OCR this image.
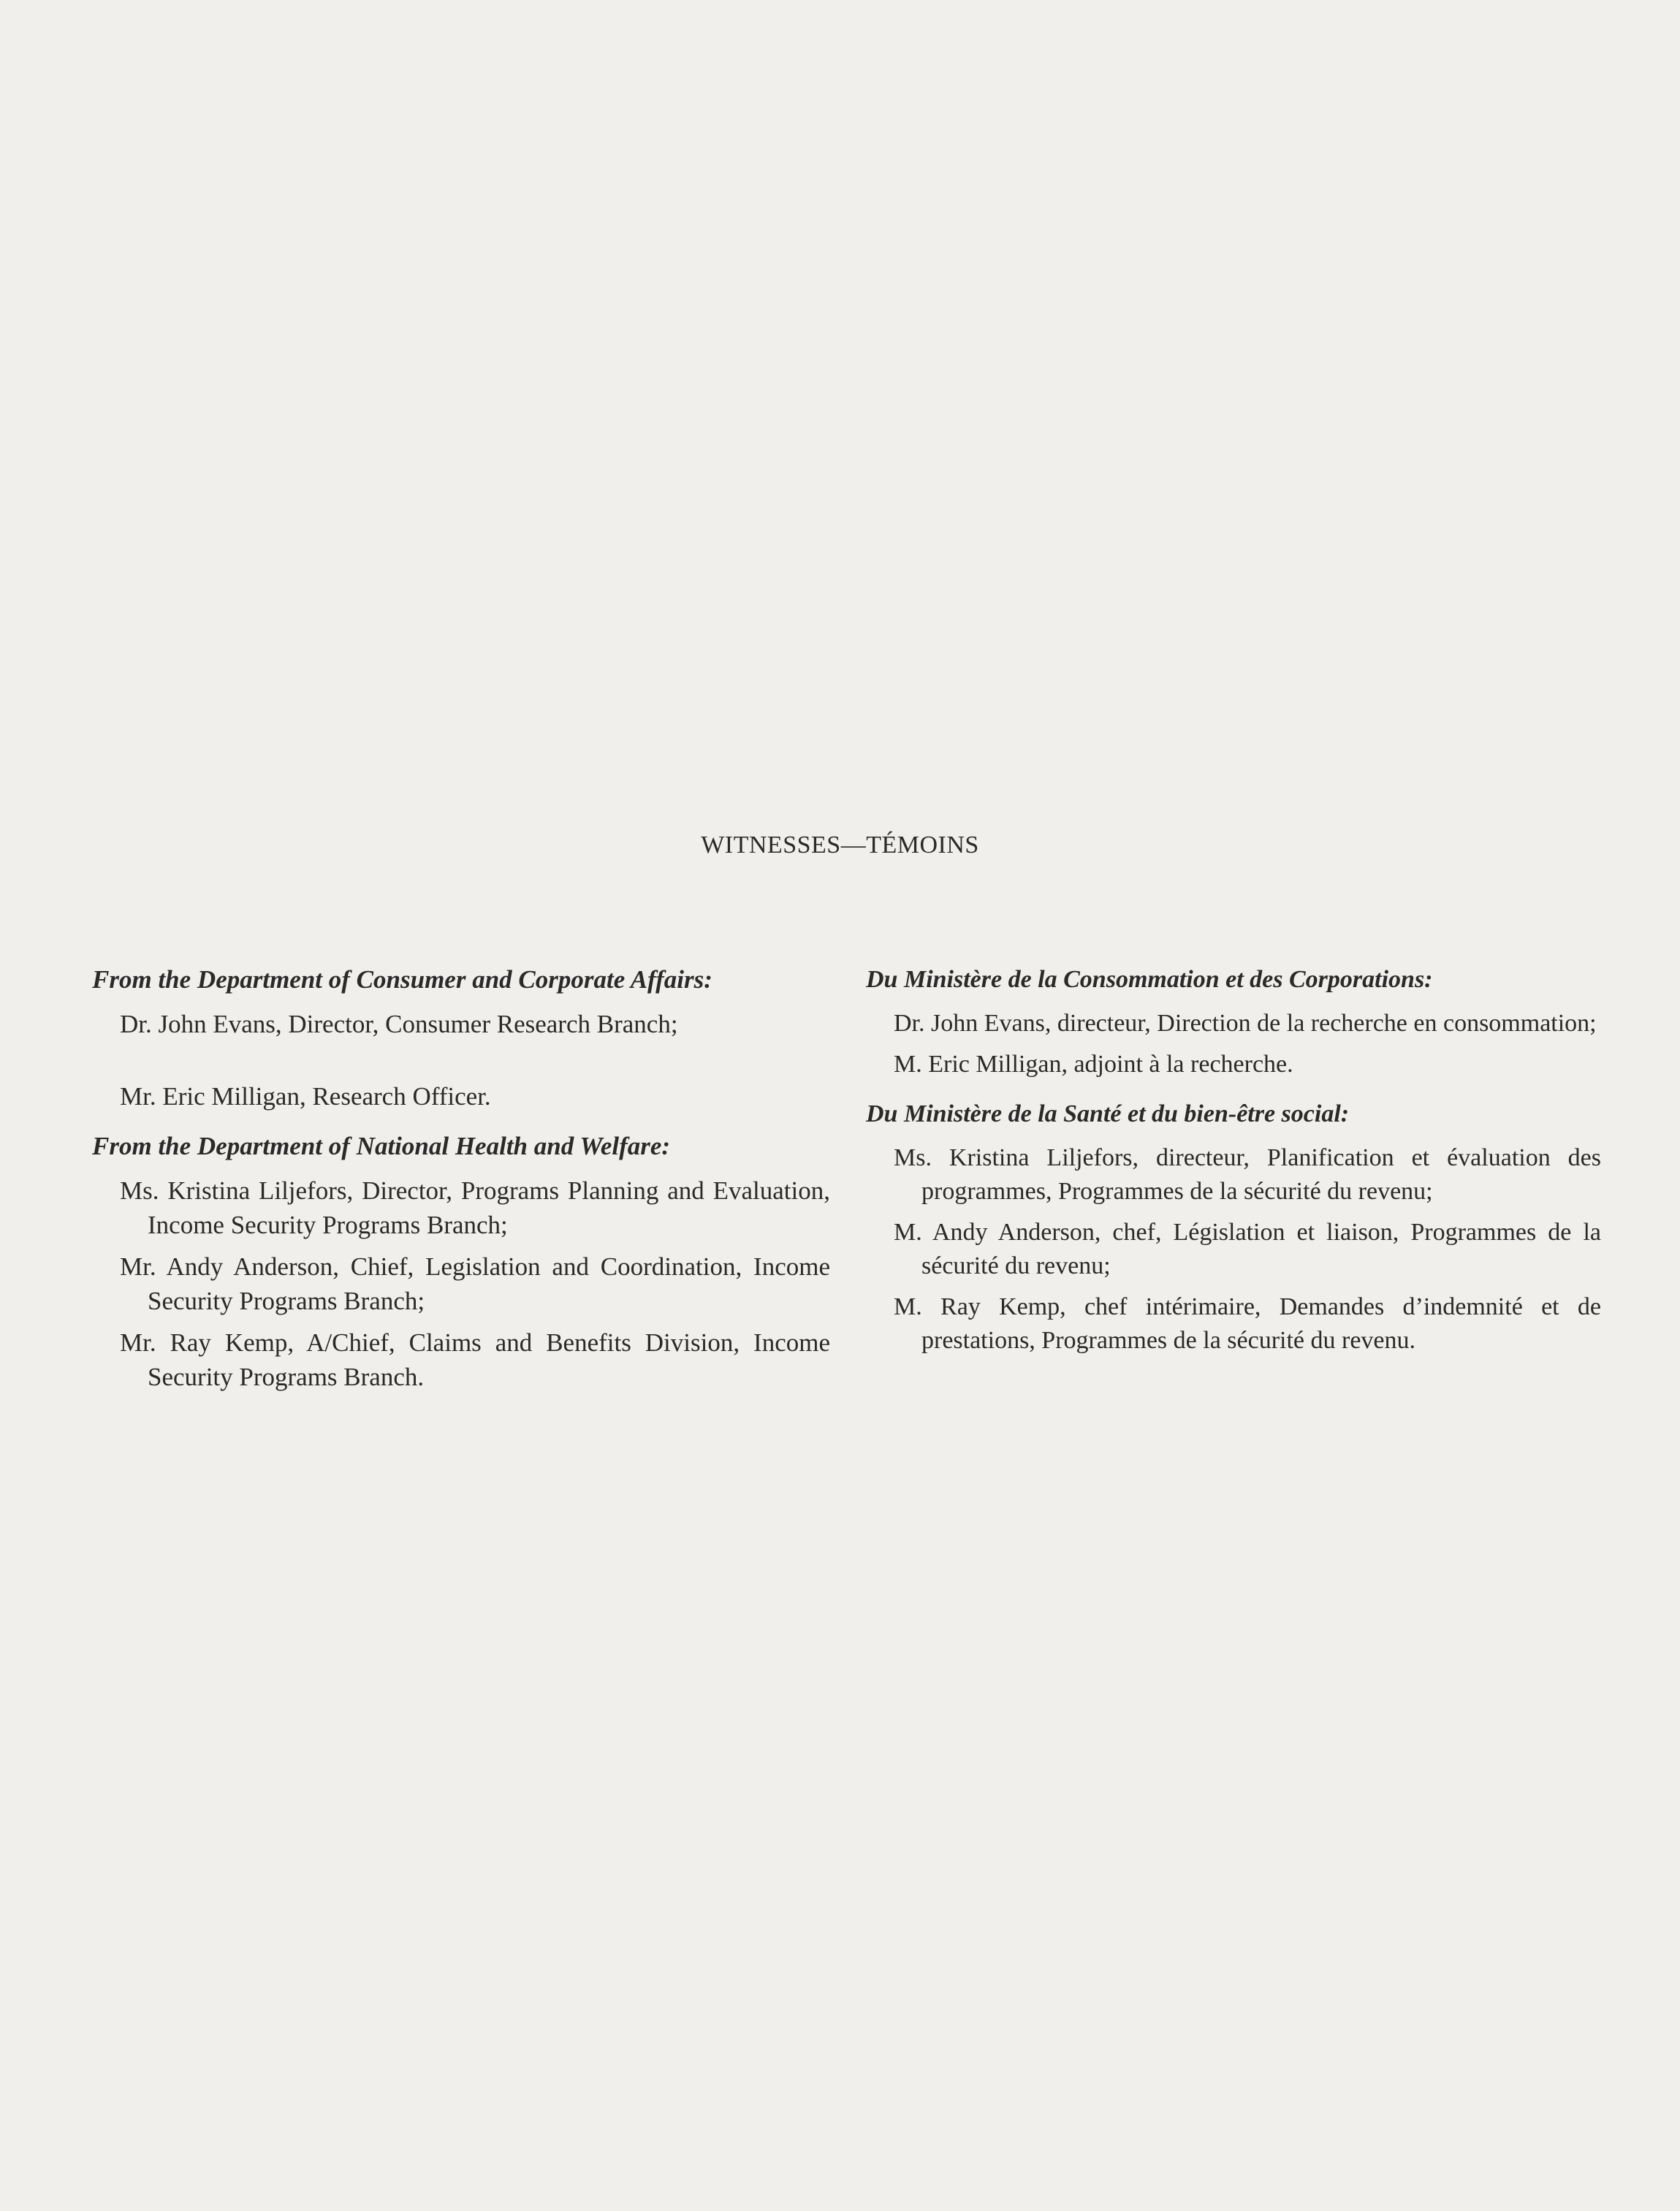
WITNESSES—TÉMOINS
From the Department of Consumer and Corporate Affairs:
Dr. John Evans, Director, Consumer Research Branch;
Mr. Eric Milligan, Research Officer.
From the Department of National Health and Welfare:
Ms. Kristina Liljefors, Director, Programs Planning and Evaluation, Income Security Programs Branch;
Mr. Andy Anderson, Chief, Legislation and Coordination, Income Security Programs Branch;
Mr. Ray Kemp, A/Chief, Claims and Benefits Division, Income Security Programs Branch.
Du Ministère de la Consommation et des Corporations:
Dr. John Evans, directeur, Direction de la recherche en consommation;
M. Eric Milligan, adjoint à la recherche.
Du Ministère de la Santé et du bien-être social:
Ms. Kristina Liljefors, directeur, Planification et évaluation des programmes, Programmes de la sécurité du revenu;
M. Andy Anderson, chef, Législation et liaison, Programmes de la sécurité du revenu;
M. Ray Kemp, chef intérimaire, Demandes d’indemnité et de prestations, Programmes de la sécurité du revenu.
